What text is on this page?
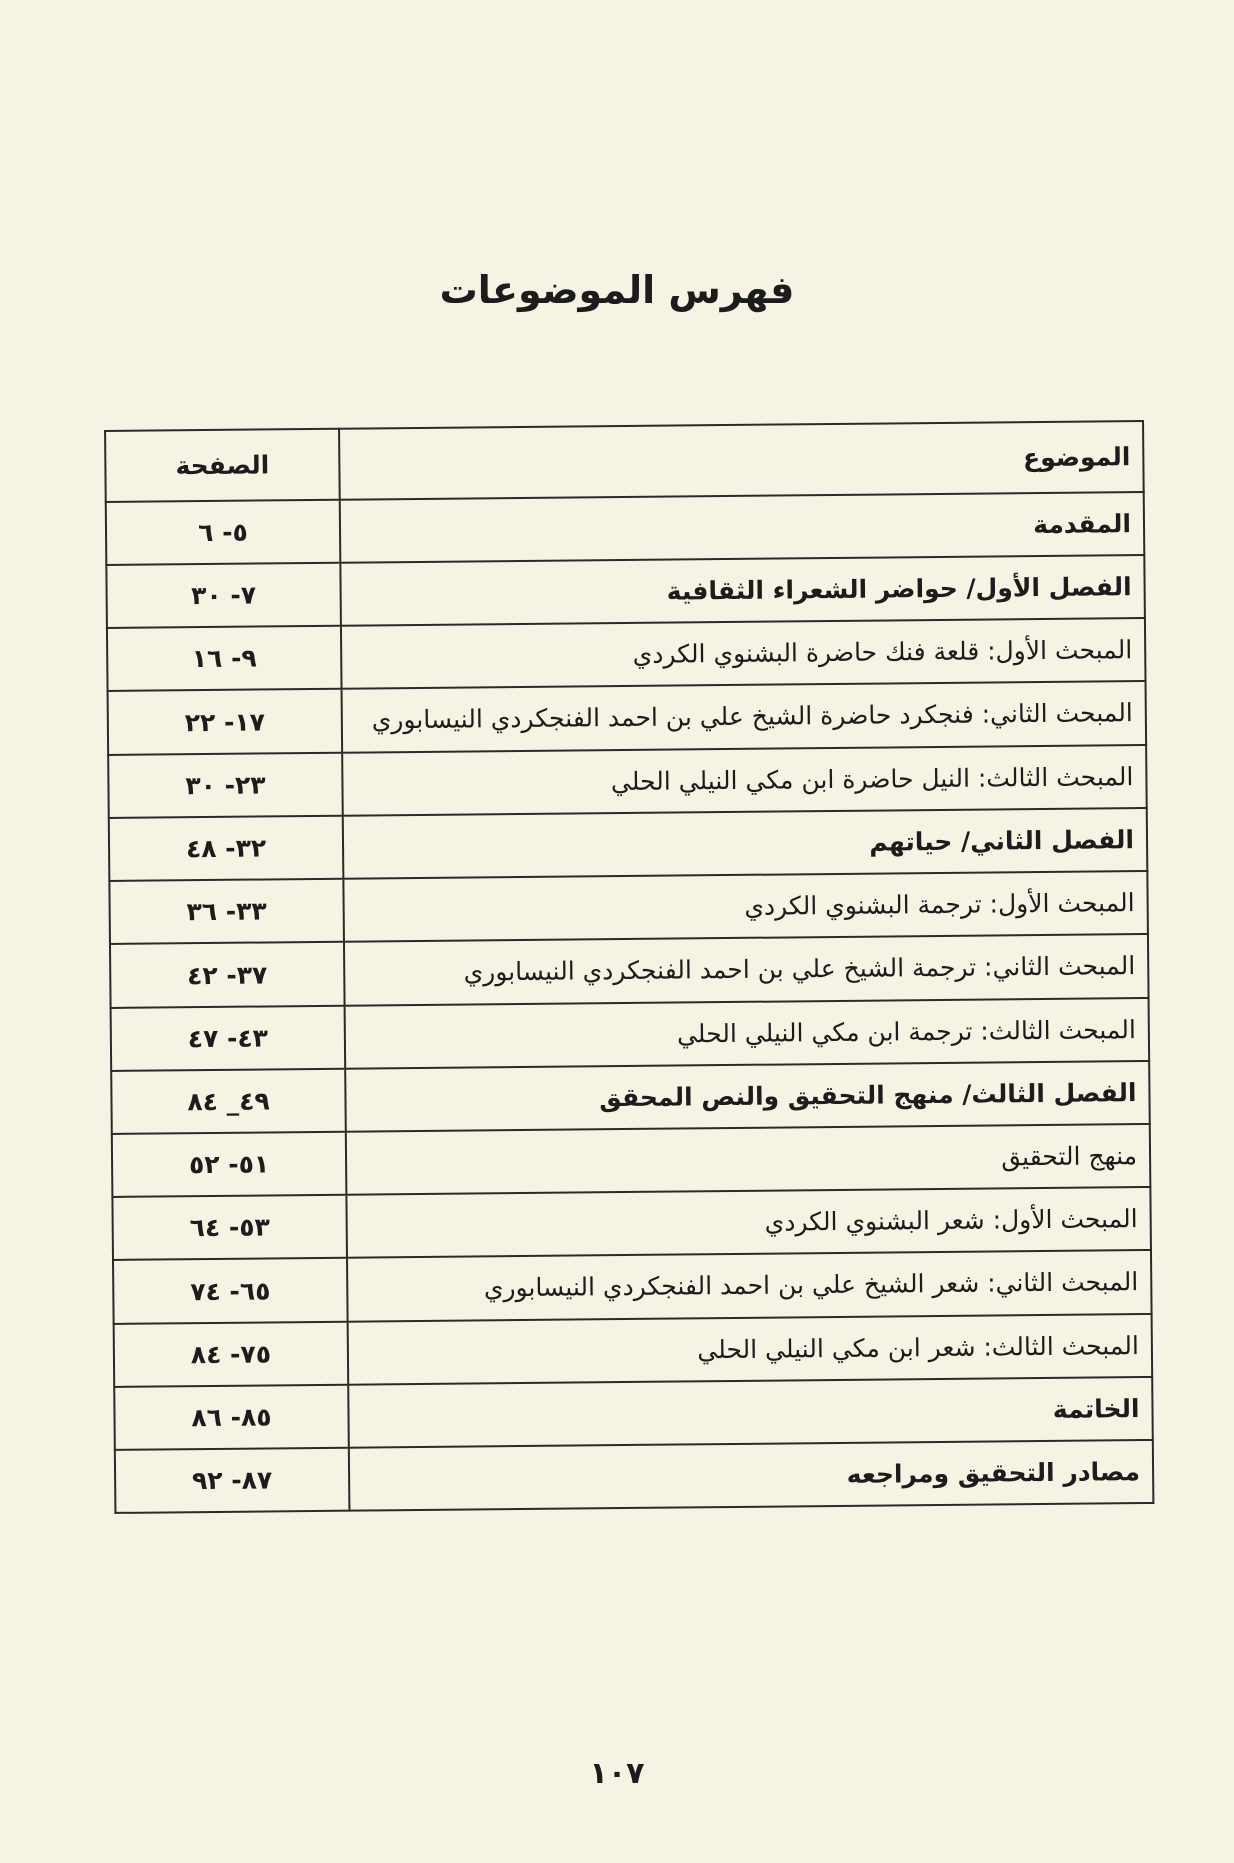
فهرس الموضوعات
الموضوع	الصفحة
المقدمة	٥- ٦
الفصل الأول/ حواضر الشعراء الثقافية	٧- ٣٠
المبحث الأول: قلعة فنك حاضرة البشنوي الكردي	٩- ١٦
المبحث الثاني: فنجكرد حاضرة الشيخ علي بن احمد الفنجكردي النيسابوري	١٧- ٢٢
المبحث الثالث: النيل حاضرة ابن مكي النيلي الحلي	٢٣- ٣٠
الفصل الثاني/ حياتهم	٣٢- ٤٨
المبحث الأول: ترجمة البشنوي الكردي	٣٣- ٣٦
المبحث الثاني: ترجمة الشيخ علي بن احمد الفنجكردي النيسابوري	٣٧- ٤٢
المبحث الثالث: ترجمة ابن مكي النيلي الحلي	٤٣- ٤٧
الفصل الثالث/ منهج التحقيق والنص المحقق	٤٩_ ٨٤
منهج التحقيق	٥١- ٥٢
المبحث الأول: شعر البشنوي الكردي	٥٣- ٦٤
المبحث الثاني: شعر الشيخ علي بن احمد الفنجكردي النيسابوري	٦٥- ٧٤
المبحث الثالث: شعر ابن مكي النيلي الحلي	٧٥- ٨٤
الخاتمة	٨٥- ٨٦
مصادر التحقيق ومراجعه	٨٧- ٩٢
١٠٧
